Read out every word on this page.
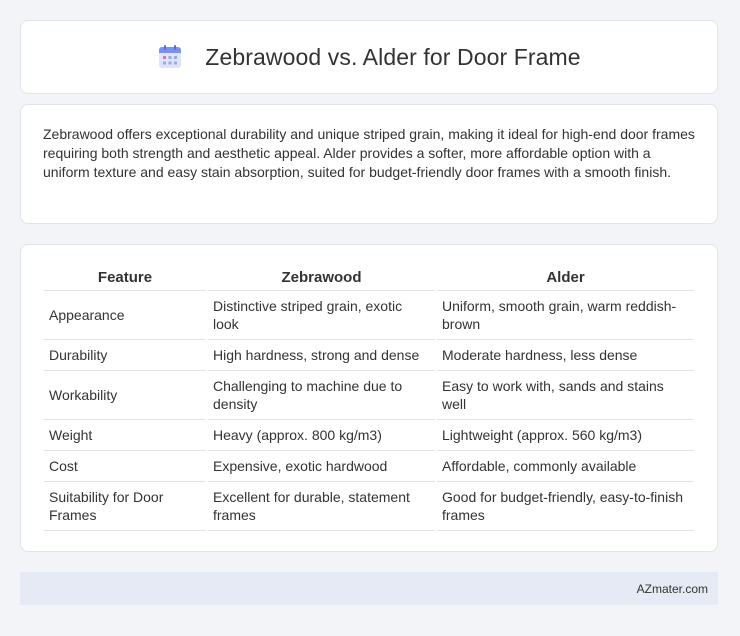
Zebrawood vs. Alder for Door Frame

Zebrawood offers exceptional durability and unique striped grain, making it ideal for high-end door frames requiring both strength and aesthetic appeal. Alder provides a softer, more affordable option with a uniform texture and easy stain absorption, suited for budget-friendly door frames with a smooth finish.

Feature	Zebrawood	Alder
Appearance	Distinctive striped grain, exotic look	Uniform, smooth grain, warm reddish-brown
Durability	High hardness, strong and dense	Moderate hardness, less dense
Workability	Challenging to machine due to density	Easy to work with, sands and stains well
Weight	Heavy (approx. 800 kg/m3)	Lightweight (approx. 560 kg/m3)
Cost	Expensive, exotic hardwood	Affordable, commonly available
Suitability for Door Frames	Excellent for durable, statement frames	Good for budget-friendly, easy-to-finish frames
AZmater.com
